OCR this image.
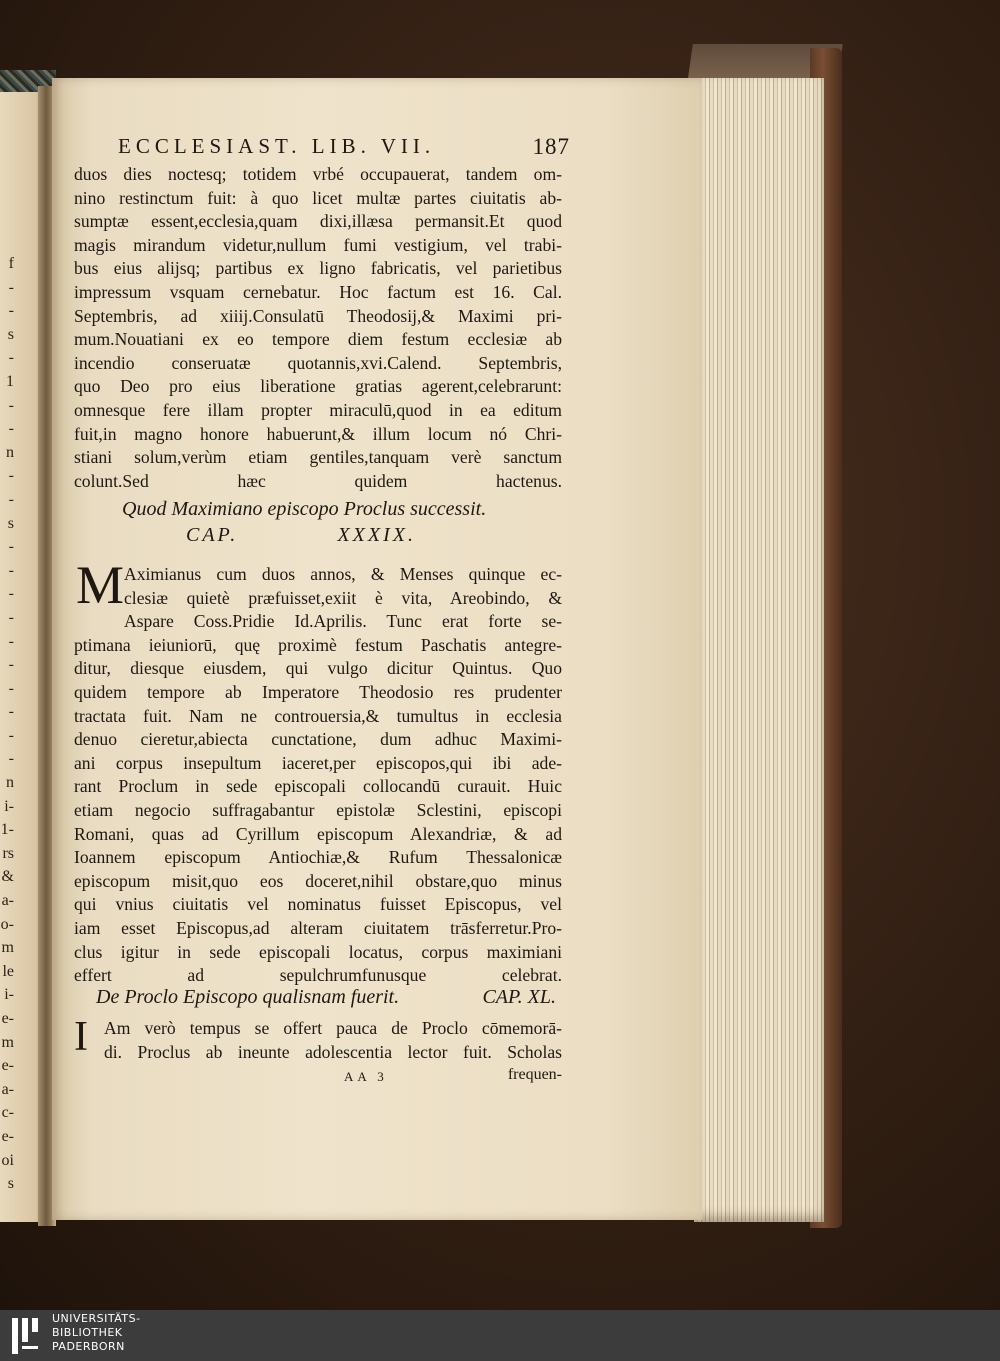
f
-
-
s
-
1
-
-
n
-
-
s
-
-
-
-
-
-
-
-
-
-
n
i-
1-
rs
&
a-
o-
m
le
i-
e-
m
e-
a-
c-
e-
oi
s
ECCLESIAST. LIB. VII.	187
duos dies noctesq; totidem vrbé occupauerat, tandem om-
nino restinctum fuit: à quo licet multæ partes ciuitatis ab-
sumptæ essent,ecclesia,quam dixi,illæsa permansit.Et quod
magis mirandum videtur,nullum fumi vestigium, vel trabi-
bus eius alijsq; partibus ex ligno fabricatis, vel parietibus
impressum vsquam cernebatur. Hoc factum est 16. Cal.
Septembris, ad xiiij.Consulatū Theodosij,& Maximi pri-
mum.Nouatiani ex eo tempore diem festum ecclesiæ ab
incendio conseruatæ quotannis,xvi.Calend. Septembris,
quo Deo pro eius liberatione gratias agerent,celebrarunt:
omnesque fere illam propter miraculū,quod in ea editum
fuit,in magno honore habuerunt,& illum locum nó Chri-
stiani solum,verùm etiam gentiles,tanquam verè sanctum
colunt.Sed hæc quidem hactenus.
Quod Maximiano episcopo Proclus successit.
CAP.	XXXIX.
M Aximianus cum duos annos, & Menses quinque ec-
clesiæ quietè præfuisset,exiit è vita, Areobindo, &
Aspare Coss.Pridie Id.Aprilis. Tunc erat forte se-
ptimana ieiuniorū, quę proximè festum Paschatis antegre-
ditur, diesque eiusdem, qui vulgo dicitur Quintus. Quo
quidem tempore ab Imperatore Theodosio res prudenter
tractata fuit. Nam ne controuersia,& tumultus in ecclesia
denuo cieretur,abiecta cunctatione, dum adhuc Maximi-
ani corpus insepultum iaceret,per episcopos,qui ibi ade-
rant Proclum in sede episcopali collocandū curauit. Huic
etiam negocio suffragabantur epistolæ Sclestini, episcopi
Romani, quas ad Cyrillum episcopum Alexandriæ, & ad
Ioannem episcopum Antiochiæ,& Rufum Thessalonicæ
episcopum misit,quo eos doceret,nihil obstare,quo minus
qui vnius ciuitatis vel nominatus fuisset Episcopus, vel
iam esset Episcopus,ad alteram ciuitatem trāsferretur.Pro-
clus igitur in sede episcopali locatus, corpus maximiani
effert ad sepulchrumfunusque celebrat.
De Proclo Episcopo qualisnam fuerit.	CAP. XL.
I Am verò tempus se offert pauca de Proclo cōmemorā-
di. Proclus ab ineunte adolescentia lector fuit. Scholas
AA 3	frequen-
UNIVERSITÄTS-
BIBLIOTHEK
PADERBORN
